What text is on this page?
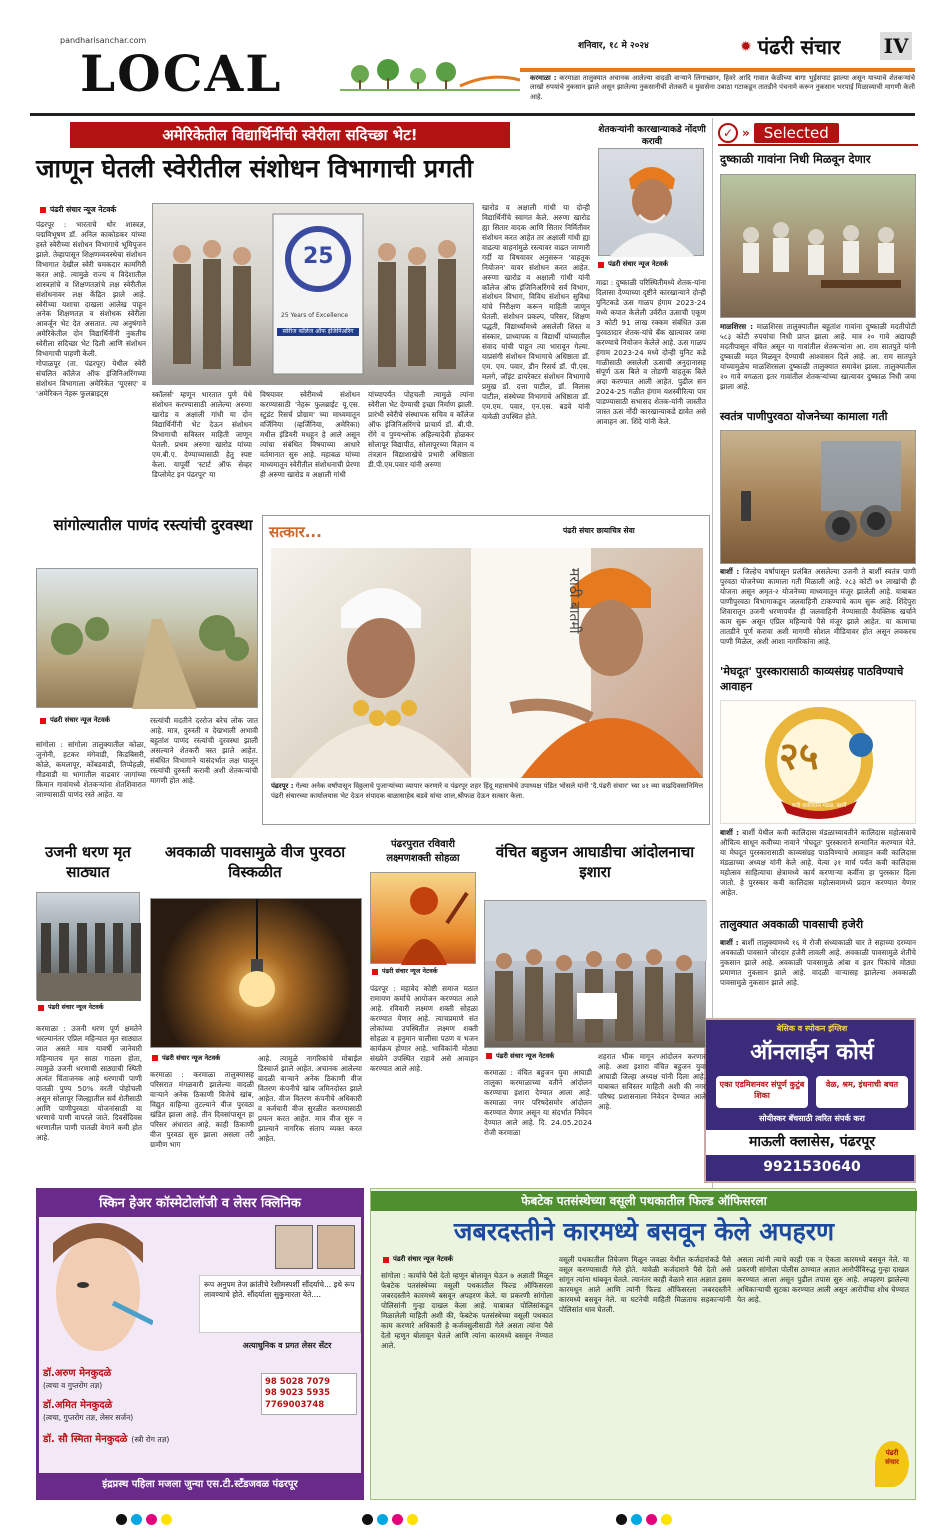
pandharisanchar.com
LOCAL	शनिवार, १८ मे २०२४	✹ पंढरी संचार IV
करमाळा : करमाळा तालुक्यात अचानक आलेल्या वादळी वाऱ्याने लिंगाच्छान, हिवरे आदि गावात केळीच्या बागा भुईसपाट झाल्या असून याच्याचे शेतकऱ्यांचे लाखो रुपयांचे नुकसान झाले असून झालेल्या नुकसानीची शेतकरी व युवासेना उबाठा गटाकडून तातडीने पंचनामे करून नुकसान भरपाई मिळाव्याची मागणी केली आहे.
अमेरिकेतील विद्यार्थिनींची स्वेरीला सदिच्छा भेट!
जाणून घेतली स्वेरीतील संशोधन विभागाची प्रगती
पंढरी संचार न्यूज नेटवर्क
पंढरपूर : भारताचे थोर शास्त्रज्ञ, पद्मविभूषण डॉ. अनिल काकोडकर यांच्या हस्ते स्वेरीच्या संशोधन विभागाचे भूमिपूजन झाले. तेव्हापासून शिक्षणव्यवस्थेचा संशोधन विभागात देखील स्वेरी चमकदार कामगिरी करत आहे. त्यामुळे राज्य व विदेशातील शास्त्रज्ञांचे व शिक्षणतज्ञांचे लक्ष स्वेरीतील संशोधनावर लक्ष केंद्रित झाले आहे. स्वेरीच्या यशाचा दाखला आलेख पाहून अनेक शिक्षणतज्ञ व संशोधक स्वेरीला आवर्जून भेट देत असतात. त्या अनुषंगाने अमेरिकेतील दोन विद्यार्थिनींनी नुकतीच स्वेरीला सदिच्छा भेट दिली आणि संशोधन विभागाची पाहणी केली.
गोपाळपूर (ता. पंढरपूर) येथील स्वेरी संचलित कॉलेज ऑफ इंजिनिअरिंगच्या संशोधन विभागाला अमेरिकेत 'यूएसए' व 'अमेरिकन नेहरू फुलब्राइट्स
25
25 Years of Excellence
स्वेरीज कॉलेज ऑफ इंजिनिअरिंग
स्कॉलर्स' म्हणून भारतात पुणे येथे संशोधन करण्यासाठी आलेल्या अरुणा खारोड व अक्षाली गांधी या दोन विद्यार्थिनींनी भेट देऊन संशोधन विभागाची सविस्तर माहिती जाणून घेतली. प्रथम अरुणा खारोड यांच्या एम.बी.ए. देण्याच्यासाठी हेतु स्पष्ट केला. यापूर्वी 'स्टार्ट ऑफ सेव्हर डिप्लोमेट इन पंढरपूर' या
विषयावर स्वेरीमध्ये संशोधन करण्यासाठी 'नेहरू फुलब्राईट यू.एस. स्टुडंट रिसर्च प्रोग्राम' च्या माध्यमातून वर्जिनिया (व्हर्जिनिया, अमेरिका) मधील इंडियरी मधहून हे आले असून त्यांचा संबंधित विषयाच्या आधारे वर्तमानात सुरु आहे. महाबळ यांच्या माध्यमातून स्वेरीतील संशोधनाची प्रेरणा ही अरुणा खारोड व अक्षाली गांधी
यांच्यापर्यंत पोहचली त्यामुळे त्यांना स्वेरीला भेट देण्याची इच्छा निर्माण झाली. प्रारंभी स्वेरीचे संस्थापक सचिव व कॉलेज ऑफ इंजिनिअरिंगचे प्राचार्य डॉ. बी.पी. रोंगे व पुण्यश्लोक अहिल्यादेवी होळकर सोलापूर विद्यापीठ, सोलापूरच्या विज्ञान व तंत्रज्ञान विद्याशाखेचे प्रभारी अधिष्ठाता डी.पी.एम.पवार यांनी अरुणा
खारोड व अक्षाली गांधी या दोन्ही विद्यार्थिनींचे स्वागत केले. अरुणा खारोड ह्या सितार वादक आणि सितार निर्मितीवर संशोधन करत आहेत तर अक्षाली गांधी ह्या वाढत्या वाहनांमुळे रस्त्यावर वाढत जाणारी गर्दी या विषयावर अनुसरून 'वाहतूक नियोजन' यावर संशोधन करत आहेत. अरुणा खारोड व अक्षाली गांधी यांनी कॉलेज ऑफ इंजिनिअरिंगचे सर्व विभाग, संशोधन विभाग, विविध संशोधन सुविधा यांचे निरीक्षण करून माहिती जाणून घेतली. संशोधन प्रकल्प, परिसर, शिक्षण पद्धती, विद्यार्थ्यांमध्ये असलेली शिस्त व संस्कार, प्राध्यापक व विद्यार्थी यांच्यातील संवाद यांची पाहून त्या भारावून गेल्या. याप्रसंगी संशोधन विभागाचे अधिष्ठाता डॉ. एम. एम. पवार, डीन रिसर्च डॉ. पी.एस. मलगे, जॉइंट डायरेक्टर संशोधन विभागाचे प्रमुख डॉ. दत्ता पाटील, डॉ. विलास पाटील, संस्थेच्या विभागाचे अधिष्ठाता डॉ. एम.एम. पवार, एन.एस. बडवे यांनी यावेळी उपस्थित होते.
शेतकऱ्यांनी कारखान्याकडे नोंदणी करावी
पंढरी संचार न्यूज नेटवर्क
माढा : दुष्काळी परिस्थितीमध्ये शेतक-यांना दिलासा देण्याच्या दृष्टीने कारखान्याने दोन्ही युनिटकडे ऊस गाळप हंगाम 2023-24 मध्ये कपात केलेली उर्वरीत ऊसाची एकूण 3 कोटी 91 लाख रक्कम संबंधित ऊस पुरवठादार शेतक-यांचे बँक खात्यावर जमा करण्याचे नियोजन केलेले आहे. ऊस गाळप हंगाम 2023-24 मध्ये दोन्ही युनिट कडे गाळीसाठी असलेली ऊसाची अनुदानासह संपूर्ण ऊस बिले व तोडणी वाहतूक बिले अदा करण्यात आली आहेत. पुढील सन 2024-25 गळीत हंगाम यशस्वीरित्या पार पाडण्यासाठी सभासद शेतक-यांनी जास्तीत जास्त ऊस नोंदी कारखान्याकडे द्यावेत असे आवाहन आ. शिंदे यांनी केले.
✓ » Selected
दुष्काळी गावांना निधी मिळवून देणार
माळशिरस : माळशिरस तालुक्यातील बहुतांश गावांना दुष्काळी मदतीपोटी ५८३ कोटी रुपयांचा निधी प्राप्त झाला आहे. मात्र २० गावे अद्यापही मदतीपासून वंचित असून या गावांतील शेतकऱ्यांना आ. राम सातपुते यांनी दुष्काळी मदत मिळवून देण्याची आश्वासन दिले आहे. आ. राम सातपुते यांच्यामुळेच माळशिरसला दुष्काळी तालुक्यात समावेश झाला. तालुक्यातील २० गावे वगळता इतर गावांतील शेतकऱ्यांच्या खात्यावर दुष्काळ निधी जमा झाला आहे.
स्वतंत्र पाणीपुरवठा योजनेच्या कामाला गती
बार्शी : जिल्हेच वर्षापासून प्रलंबित असलेल्या उजनी ते बार्शी स्वतंत्र पाणी पुरवठा योजनेच्या कामाला गती मिळाली आहे. २८३ कोटी ७१ लाखांची ही योजना असून अमृत-२ योजनेच्या माध्यमातून मंजूर झालेली आहे. याबाबत पाणीपुरवठा विभागाकडून जलवाहिनी टाकण्याचे काम सुरू आहे. शिंदेपुरा शिवारातून उजनी धरणापर्यंत ही जलवाहिनी नेण्यासाठी वैयक्तिक खर्चाने काम सुरू असून एप्रिल महिन्याचे पैसे मंजूर झाले आहेत. या कामाचा तातडीने पूर्ण करावा अशी मागणी सोशल मीडियावर होत असून लवकरच पाणी मिळेल, अशी आशा नागरिकांना आहे.
'मेघदूत' पुरस्कारासाठी काव्यसंग्रह पाठविण्याचे आवाहन
२५
कवी कालिदास मंडळ, बार्शी
बार्शी : बार्शी येथील कवी कालिदास मंडळाच्यावतीने कालिदास महोत्सवाचे औचित्य साधून कवीच्या नावाने 'मेघदूत' पुरस्काराने सन्मानित करण्यात येते. या मेघदूत पुरस्कारासाठी काव्यसंग्रह पाठविण्याचे आवाहन कवी कालिदास मंडळाच्या अध्यक्ष यांनी केले आहे. येत्या ३१ मार्च पर्यंत कवी कालिदास महोत्सव साहित्याचा क्षेत्रामध्ये कार्य करणाऱ्या कवींना हा पुरस्कार दिला जातो. हे पुरस्कार कवी कालिदास महोत्सवामध्ये प्रदान करण्यात येणार आहेत.
तालुक्यात अवकाळी पावसाची हजेरी
बार्शी : बार्शी तालुक्यामध्ये १६ मे रोजी संध्याकाळी चार ते सहाच्या दरम्यान अवकाळी पावसाने जोरदार हजेरी लावली आहे. अवकाळी पावसामुळे शेतीचे नुकसान झाले आहे. अवकाळी पावसामुळे आंबा व इतर पिकांचे मोठ्या प्रमाणात नुकसान झाले आहे. वादळी वाऱ्यासह झालेल्या अवकाळी पावसामुळे नुकसान झाले आहे.
बेसिक व स्पोकन इंग्लिश
ऑनलाईन कोर्स
एका एडमिशनवर संपूर्ण कुटुंब शिका
वेळ, श्रम, इंधनाची बचत
सोयीस्कर बॅचसाठी त्वरित संपर्क करा
माऊली क्लासेस, पंढरपूर
9921530640
सांगोल्यातील पाणंद रस्त्यांची दुरवस्था
पंढरी संचार न्यूज नेटवर्क
सांगोला : सांगोला तालुक्यातील कोळा, जुनोनी, हटकर मंगेवाडी, किडबिसरी, कोळे, कमलापूर, कोंबडवाडी, तिप्पेहळी, गौडवाडी या भागातील वाढवार जागांच्या किमान गावांमध्ये शेतकऱ्यांना शेतशिवारात जाण्यासाठी पाणंद रस्ते आहेत. या
रस्त्यांची मदतीने दररोज बरेच लोक जात आहे. मात्र, दुरुस्ती व देखभाली अभावी बहुतांश पाणंद रस्त्यांची दुरवस्था झाली असल्याने शेतकरी त्रस्त झाले आहेत. संबंधित विभागाने यासंदर्भात लक्ष घालून रस्त्यांची दुरुस्ती करावी अशी शेतकऱ्यांची मागणी होत आहे.
सत्कार...	पंढरी संचार छायाचित्र सेवा
मराठी बातमी
पंढरपूर : गेल्या अनेक वर्षांपासून विठ्ठलाचे पुजाऱ्यांच्या व्यापार करणारे व पंढरपूर शहर हिंदू महासभेचे उपाध्यक्ष पंडित भोसले यांनी 'दै.पंढरी संचार' च्या ४१ व्या वाढदिवसानिमित्त पंढरी संचारच्या कार्यालयास भेट देऊन संपादक बाळासाहेब बडवे यांचा शाल,श्रीफळ देऊन सत्कार केला.
उजनी धरण मृत साठ्यात
पंढरी संचार न्यूज नेटवर्क
करमाळा : उजनी धरण पूर्ण क्षमतेने भरल्यानंतर एप्रिल महिन्यात मृत साठ्यात जात असते मात्र यावर्षी जानेवारी महिन्यातच मृत साठा गाठला होता, त्यामुळे उजनी धरणाची साठ्याची स्थिती अत्यंत चिंताजनक आहे धरणाची पाणी पातळी पुण्य 50% वरती पोहोचली असून सोलापूर जिल्ह्यातील सर्व शेतीसाठी आणि पाणीपुरवठा योजनांसाठी या धरणाचे पाणी वापरले जाते. दिवसेंदिवस धरणातील पाणी पातळी वेगाने कमी होत आहे.
अवकाळी पावसामुळे वीज पुरवठा विस्कळीत
पंढरी संचार न्यूज नेटवर्क
करमाळा : करमाळा तालुक्यासह परिसरात मंगळवारी झालेल्या वादळी वाऱ्याने अनेक ठिकाणी विजेचे खांब, विद्युत वाहिन्या तुटल्याने वीज पुरवठा खंडित झाला आहे. तीन दिवसांपासून हा परिसर अंधारात आहे. काही ठिकाणी वीज पुरवठा सुरु झाला असला तरी ग्रामीण भाग
आहे. त्यामुळे नागरिकांचे मोबाईल डिस्चार्ज झाले आहेत. अचानक आलेल्या वादळी वाऱ्याने अनेक ठिकाणी वीज वितरण कंपनीचे खांब जमिनदोस्त झाले आहेत. वीज वितरण कंपनीचे अधिकारी व कर्मचारी वीज सुरळीत करण्यासाठी प्रयत्न करत आहेत. मात्र वीज सुरु न झाल्याने नागरिक संताप व्यक्त करत आहेत.
पंढरपुरात रविवारी लक्ष्मणशक्ती सोहळा
पंढरी संचार न्यूज नेटवर्क
पंढरपूर : महावेद कोष्टी समाज मठात रामायण कर्माचे आयोजन करण्यात आले आहे. रविवारी लक्ष्मण शक्ती सोहळा करण्यात येणार आहे. त्याचप्रमाणे संत लोकांच्या उपस्थितीत लक्ष्मण शक्ती सोहळा व हनुमान चालीसा पठण व भजन कार्यक्रम होणार आहे. भाविकांनी मोठ्या संख्येने उपस्थित राहावे असे आवाहन करण्यात आले आहे.
वंचित बहुजन आघाडीचा आंदोलनाचा इशारा
पंढरी संचार न्यूज नेटवर्क
करमाळा : वंचित बहुजन युवा आघाडी तालुका करमाळाच्या वतीने आंदोलन करण्याचा इशारा देण्यात आला आहे. करमाळा नगर परिषदेसमोर आंदोलन करण्यात येणार असून या संदर्भात निवेदन देण्यात आले आहे. दि. 24.05.2024 रोजी करमाळा
शहरात भीक मागून आंदोलन करणार आहे. अशा इशारा वंचित बहुजन युवा आघाडी जिल्हा अध्यक्ष यांनी दिला आहे. याबाबत सविस्तर माहिती अशी की नगर परिषद प्रशासनाला निवेदन देण्यात आले आहे.
स्किन हेअर कॉस्मेटोलॉजी व लेसर क्लिनिक
रूप अनुपम तेज क्रांतीचे रेशीमस्पर्शी सौंदर्याचे... इथे रूप लावण्याचे होते. सौंदर्याला सुकुमारता येते....
अत्याधुनिक व प्रगत लेसर सेंटर
डॉ.अरुण मेनकुदळे
(त्वचा व गुप्तरोग तज्ञ)
डॉ.अमित मेनकुदळे
(त्वचा, गुप्तरोग तज्ञ, लेसर सर्जन)
डॉ. सौ स्मिता मेनकुदळे (स्त्री रोग तज्ञ)
98 5028 7079
98 9023 5935
7769003748
इंद्रप्रस्थ पहिला मजला जुन्या एस.टी.स्टँडजवळ पंढरपूर
फेबटेक पतसंस्थेच्या वसूली पथकातील फिल्ड ऑफिसरला
जबरदस्तीने कारमध्ये बसवून केले अपहरण
पंढरी संचार न्यूज नेटवर्क
सांगोला : कार्याचे पैसे देतो म्हणून बोलावून घेऊन ७ अज्ञाती मिळून फेबटेक पतसंस्थेच्या वसूली पथकातील फिल्ड ऑफिसरला जबरदस्तीने कारमध्ये बसवून अपहरण केले. या प्रकरणी सांगोला पोलिसांनी गुन्हा दाखल केला आहे. याबाबत पोलिसांकडून मिळालेली माहिती अशी की, फेबटेक पतसंस्थेच्या वसूली पथकात काम करणारे अधिकारी हे कर्जवसुलीसाठी गेले असता त्यांना पैसे देतो म्हणून बोलावून घेतले आणि त्यांना कारमध्ये बसवून नेण्यात आले.
वसूली पथकातील तिघेजण मिळून जवळा येथील कर्जदारांकडे पैसे वसूल करण्यासाठी गेले होते. यावेळी कर्जदाराने पैसे देतो असे सांगून त्यांना थांबवून घेतले. त्यानंतर काही वेळाने सात अज्ञात इसम कारमधून आले आणि त्यांनी फिल्ड ऑफिसरला जबरदस्तीने कारमध्ये बसवून नेले. या घटनेची माहिती मिळताच सहकाऱ्यांनी पोलिसांत धाव घेतली.
असता त्यांनी त्याचे काही एक न ऐकता कारमध्ये बसवून नेले. या प्रकरणी सांगोला पोलीस ठाण्यात अज्ञात आरोपींविरुद्ध गुन्हा दाखल करण्यात आला असून पुढील तपास सुरु आहे. अपहरण झालेल्या अधिकाऱ्याची सुटका करण्यात आली असून आरोपींचा शोध घेण्यात येत आहे.
पंढरी
संचार
